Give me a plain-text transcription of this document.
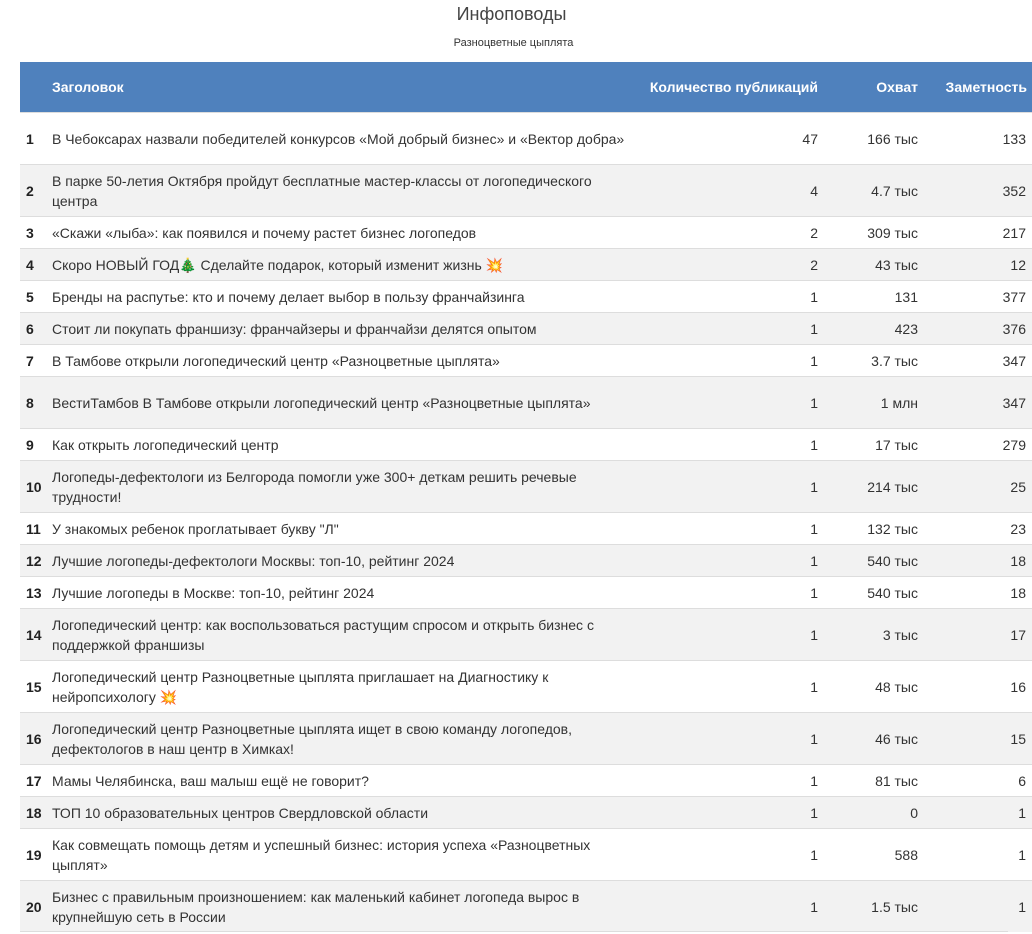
Инфоповоды
Разноцветные цыплята
	Заголовок	Количество публикаций	Охват	Заметность
1	В Чебоксарах назвали победителей конкурсов «Мой добрый бизнес» и «Вектор добра»	47	166 тыс	133
2	В парке 50-летия Октября пройдут бесплатные мастер-классы от логопедического центра	4	4.7 тыс	352
3	«Скажи «лыба»: как появился и почему растет бизнес логопедов	2	309 тыс	217
4	Скоро НОВЫЙ ГОД🎄 Сделайте подарок, который изменит жизнь 💥	2	43 тыс	12
5	Бренды на распутье: кто и почему делает выбор в пользу франчайзинга	1	131	377
6	Стоит ли покупать франшизу: франчайзеры и франчайзи делятся опытом	1	423	376
7	В Тамбове открыли логопедический центр «Разноцветные цыплята»	1	3.7 тыс	347
8	ВестиТамбов В Тамбове открыли логопедический центр «Разноцветные цыплята»	1	1 млн	347
9	Как открыть логопедический центр	1	17 тыс	279
10	Логопеды-дефектологи из Белгорода помогли уже 300+ деткам решить речевые трудности!	1	214 тыс	25
11	У знакомых ребенок проглатывает букву "Л"	1	132 тыс	23
12	Лучшие логопеды-дефектологи Москвы: топ-10, рейтинг 2024	1	540 тыс	18
13	Лучшие логопеды в Москве: топ-10, рейтинг 2024	1	540 тыс	18
14	Логопедический центр: как воспользоваться растущим спросом и открыть бизнес с поддержкой франшизы	1	3 тыс	17
15	Логопедический центр Разноцветные цыплята приглашает на Диагностику к нейропсихологу 💥	1	48 тыс	16
16	Логопедический центр Разноцветные цыплята ищет в свою команду логопедов, дефектологов в наш центр в Химках!	1	46 тыс	15
17	Мамы Челябинска, ваш малыш ещё не говорит?	1	81 тыс	6
18	ТОП 10 образовательных центров Свердловской области	1	0	1
19	Как совмещать помощь детям и успешный бизнес: история успеха «Разноцветных цыплят»	1	588	1
20	Бизнес с правильным произношением: как маленький кабинет логопеда вырос в крупнейшую сеть в России	1	1.5 тыс	1
